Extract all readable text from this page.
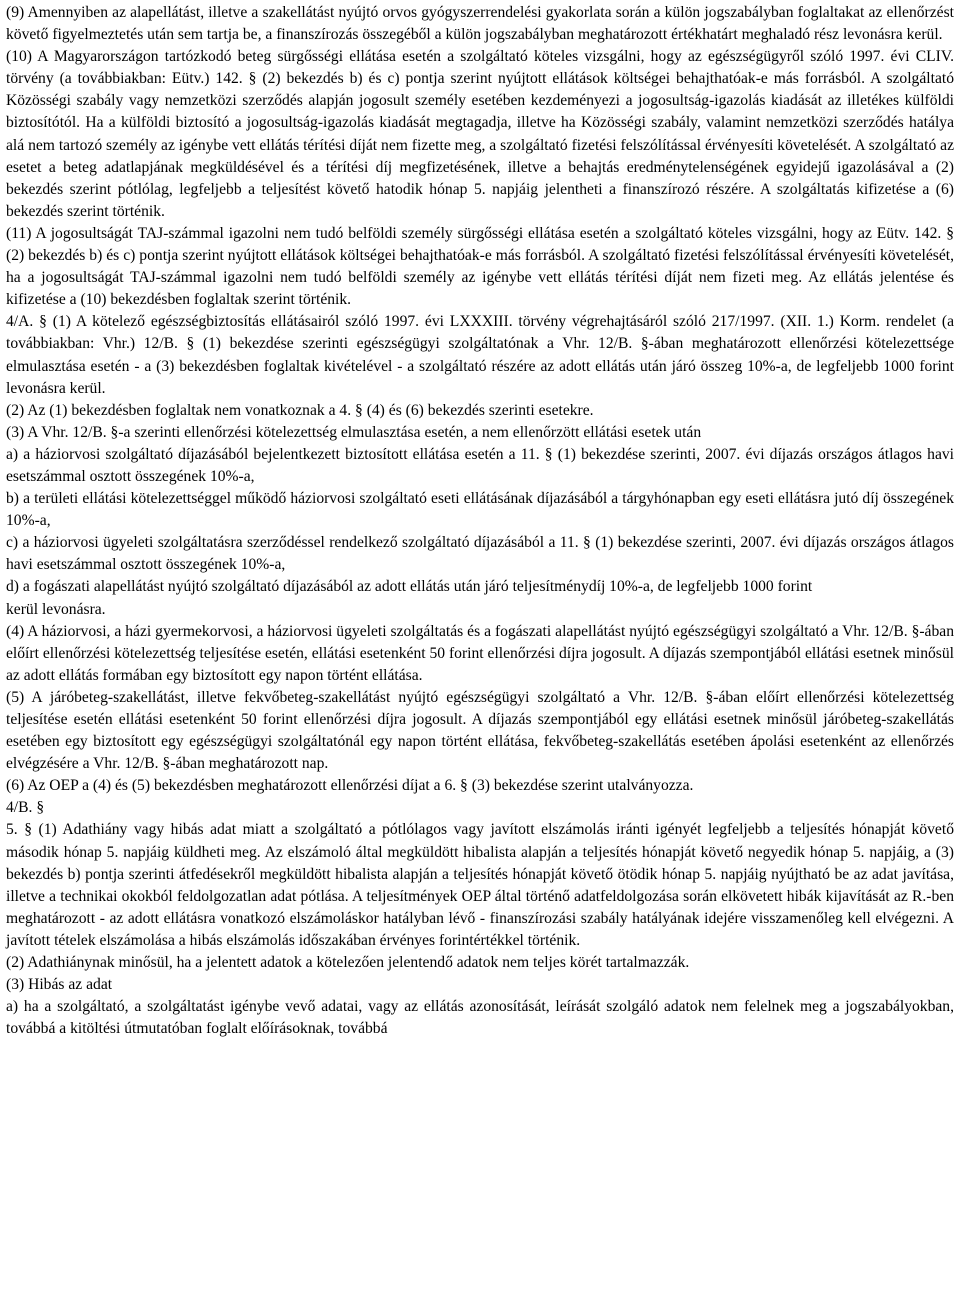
(9) Amennyiben az alapellátást, illetve a szakellátást nyújtó orvos gyógyszerrendelési gyakorlata során a külön jogszabályban foglaltakat az ellenőrzést követő figyelmeztetés után sem tartja be, a finanszírozás összegéből a külön jogszabályban meghatározott értékhatárt meghaladó rész levonásra kerül.

(10) A Magyarországon tartózkodó beteg sürgősségi ellátása esetén a szolgáltató köteles vizsgálni, hogy az egészségügyről szóló 1997. évi CLIV. törvény (a továbbiakban: Eütv.) 142. § (2) bekezdés b) és c) pontja szerint nyújtott ellátások költségei behajthatóak-e más forrásból. A szolgáltató Közösségi szabály vagy nemzetközi szerződés alapján jogosult személy esetében kezdeményezi a jogosultság-igazolás kiadását az illetékes külföldi biztosítótól. Ha a külföldi biztosító a jogosultság-igazolás kiadását megtagadja, illetve ha Közösségi szabály, valamint nemzetközi szerződés hatálya alá nem tartozó személy az igénybe vett ellátás térítési díját nem fizette meg, a szolgáltató fizetési felszólítással érvényesíti követelését. A szolgáltató az esetet a beteg adatlapjának megküldésével és a térítési díj megfizetésének, illetve a behajtás eredménytelenségének egyidejű igazolásával a (2) bekezdés szerint pótlólag, legfeljebb a teljesítést követő hatodik hónap 5. napjáig jelentheti a finanszírozó részére. A szolgáltatás kifizetése a (6) bekezdés szerint történik.

(11) A jogosultságát TAJ-számmal igazolni nem tudó belföldi személy sürgősségi ellátása esetén a szolgáltató köteles vizsgálni, hogy az Eütv. 142. § (2) bekezdés b) és c) pontja szerint nyújtott ellátások költségei behajthatóak-e más forrásból. A szolgáltató fizetési felszólítással érvényesíti követelését, ha a jogosultságát TAJ-számmal igazolni nem tudó belföldi személy az igénybe vett ellátás térítési díját nem fizeti meg. Az ellátás jelentése és kifizetése a (10) bekezdésben foglaltak szerint történik.

4/A. § (1) A kötelező egészségbiztosítás ellátásairól szóló 1997. évi LXXXIII. törvény végrehajtásáról szóló 217/1997. (XII. 1.) Korm. rendelet (a továbbiakban: Vhr.) 12/B. § (1) bekezdése szerinti egészségügyi szolgáltatónak a Vhr. 12/B. §-ában meghatározott ellenőrzési kötelezettsége elmulasztása esetén - a (3) bekezdésben foglaltak kivételével - a szolgáltató részére az adott ellátás után járó összeg 10%-a, de legfeljebb 1000 forint levonásra kerül.

(2) Az (1) bekezdésben foglaltak nem vonatkoznak a 4. § (4) és (6) bekezdés szerinti esetekre.

(3) A Vhr. 12/B. §-a szerinti ellenőrzési kötelezettség elmulasztása esetén, a nem ellenőrzött ellátási esetek után

a) a háziorvosi szolgáltató díjazásából bejelentkezett biztosított ellátása esetén a 11. § (1) bekezdése szerinti, 2007. évi díjazás országos átlagos havi esetszámmal osztott összegének 10%-a,

b) a területi ellátási kötelezettséggel működő háziorvosi szolgáltató eseti ellátásának díjazásából a tárgyhónapban egy eseti ellátásra jutó díj összegének 10%-a,

c) a háziorvosi ügyeleti szolgáltatásra szerződéssel rendelkező szolgáltató díjazásából a 11. § (1) bekezdése szerinti, 2007. évi díjazás országos átlagos havi esetszámmal osztott összegének 10%-a,

d) a fogászati alapellátást nyújtó szolgáltató díjazásából az adott ellátás után járó teljesítménydíj 10%-a, de legfeljebb 1000 forint
kerül levonásra.

(4) A háziorvosi, a házi gyermekorvosi, a háziorvosi ügyeleti szolgáltatás és a fogászati alapellátást nyújtó egészségügyi szolgáltató a Vhr. 12/B. §-ában előírt ellenőrzési kötelezettség teljesítése esetén, ellátási esetenként 50 forint ellenőrzési díjra jogosult. A díjazás szempontjából ellátási esetnek minősül az adott ellátás formában egy biztosított egy napon történt ellátása.

(5) A járóbeteg-szakellátást, illetve fekvőbeteg-szakellátást nyújtó egészségügyi szolgáltató a Vhr. 12/B. §-ában előírt ellenőrzési kötelezettség teljesítése esetén ellátási esetenként 50 forint ellenőrzési díjra jogosult. A díjazás szempontjából egy ellátási esetnek minősül járóbeteg-szakellátás esetében egy biztosított egy egészségügyi szolgáltatónál egy napon történt ellátása, fekvőbeteg-szakellátás esetében ápolási esetenként az ellenőrzés elvégzésére a Vhr. 12/B. §-ában meghatározott nap.

(6) Az OEP a (4) és (5) bekezdésben meghatározott ellenőrzési díjat a 6. § (3) bekezdése szerint utalványozza.

4/B. §

5. § (1) Adathiány vagy hibás adat miatt a szolgáltató a pótlólagos vagy javított elszámolás iránti igényét legfeljebb a teljesítés hónapját követő második hónap 5. napjáig küldheti meg. Az elszámoló által megküldött hibalista alapján a teljesítés hónapját követő negyedik hónap 5. napjáig, a (3) bekezdés b) pontja szerinti átfedésekről megküldött hibalista alapján a teljesítés hónapját követő ötödik hónap 5. napjáig nyújtható be az adat javítása, illetve a technikai okokból feldolgozatlan adat pótlása. A teljesítmények OEP által történő adatfeldolgozása során elkövetett hibák kijavítását az R.-ben meghatározott - az adott ellátásra vonatkozó elszámoláskor hatályban lévő - finanszírozási szabály hatályának idejére visszamenőleg kell elvégezni. A javított tételek elszámolása a hibás elszámolás időszakában érvényes forintértékkel történik.

(2) Adathiánynak minősül, ha a jelentett adatok a kötelezően jelentendő adatok nem teljes körét tartalmazzák.

(3) Hibás az adat

a) ha a szolgáltató, a szolgáltatást igénybe vevő adatai, vagy az ellátás azonosítását, leírását szolgáló adatok nem felelnek meg a jogszabályokban, továbbá a kitöltési útmutatóban foglalt előírásoknak, továbbá
